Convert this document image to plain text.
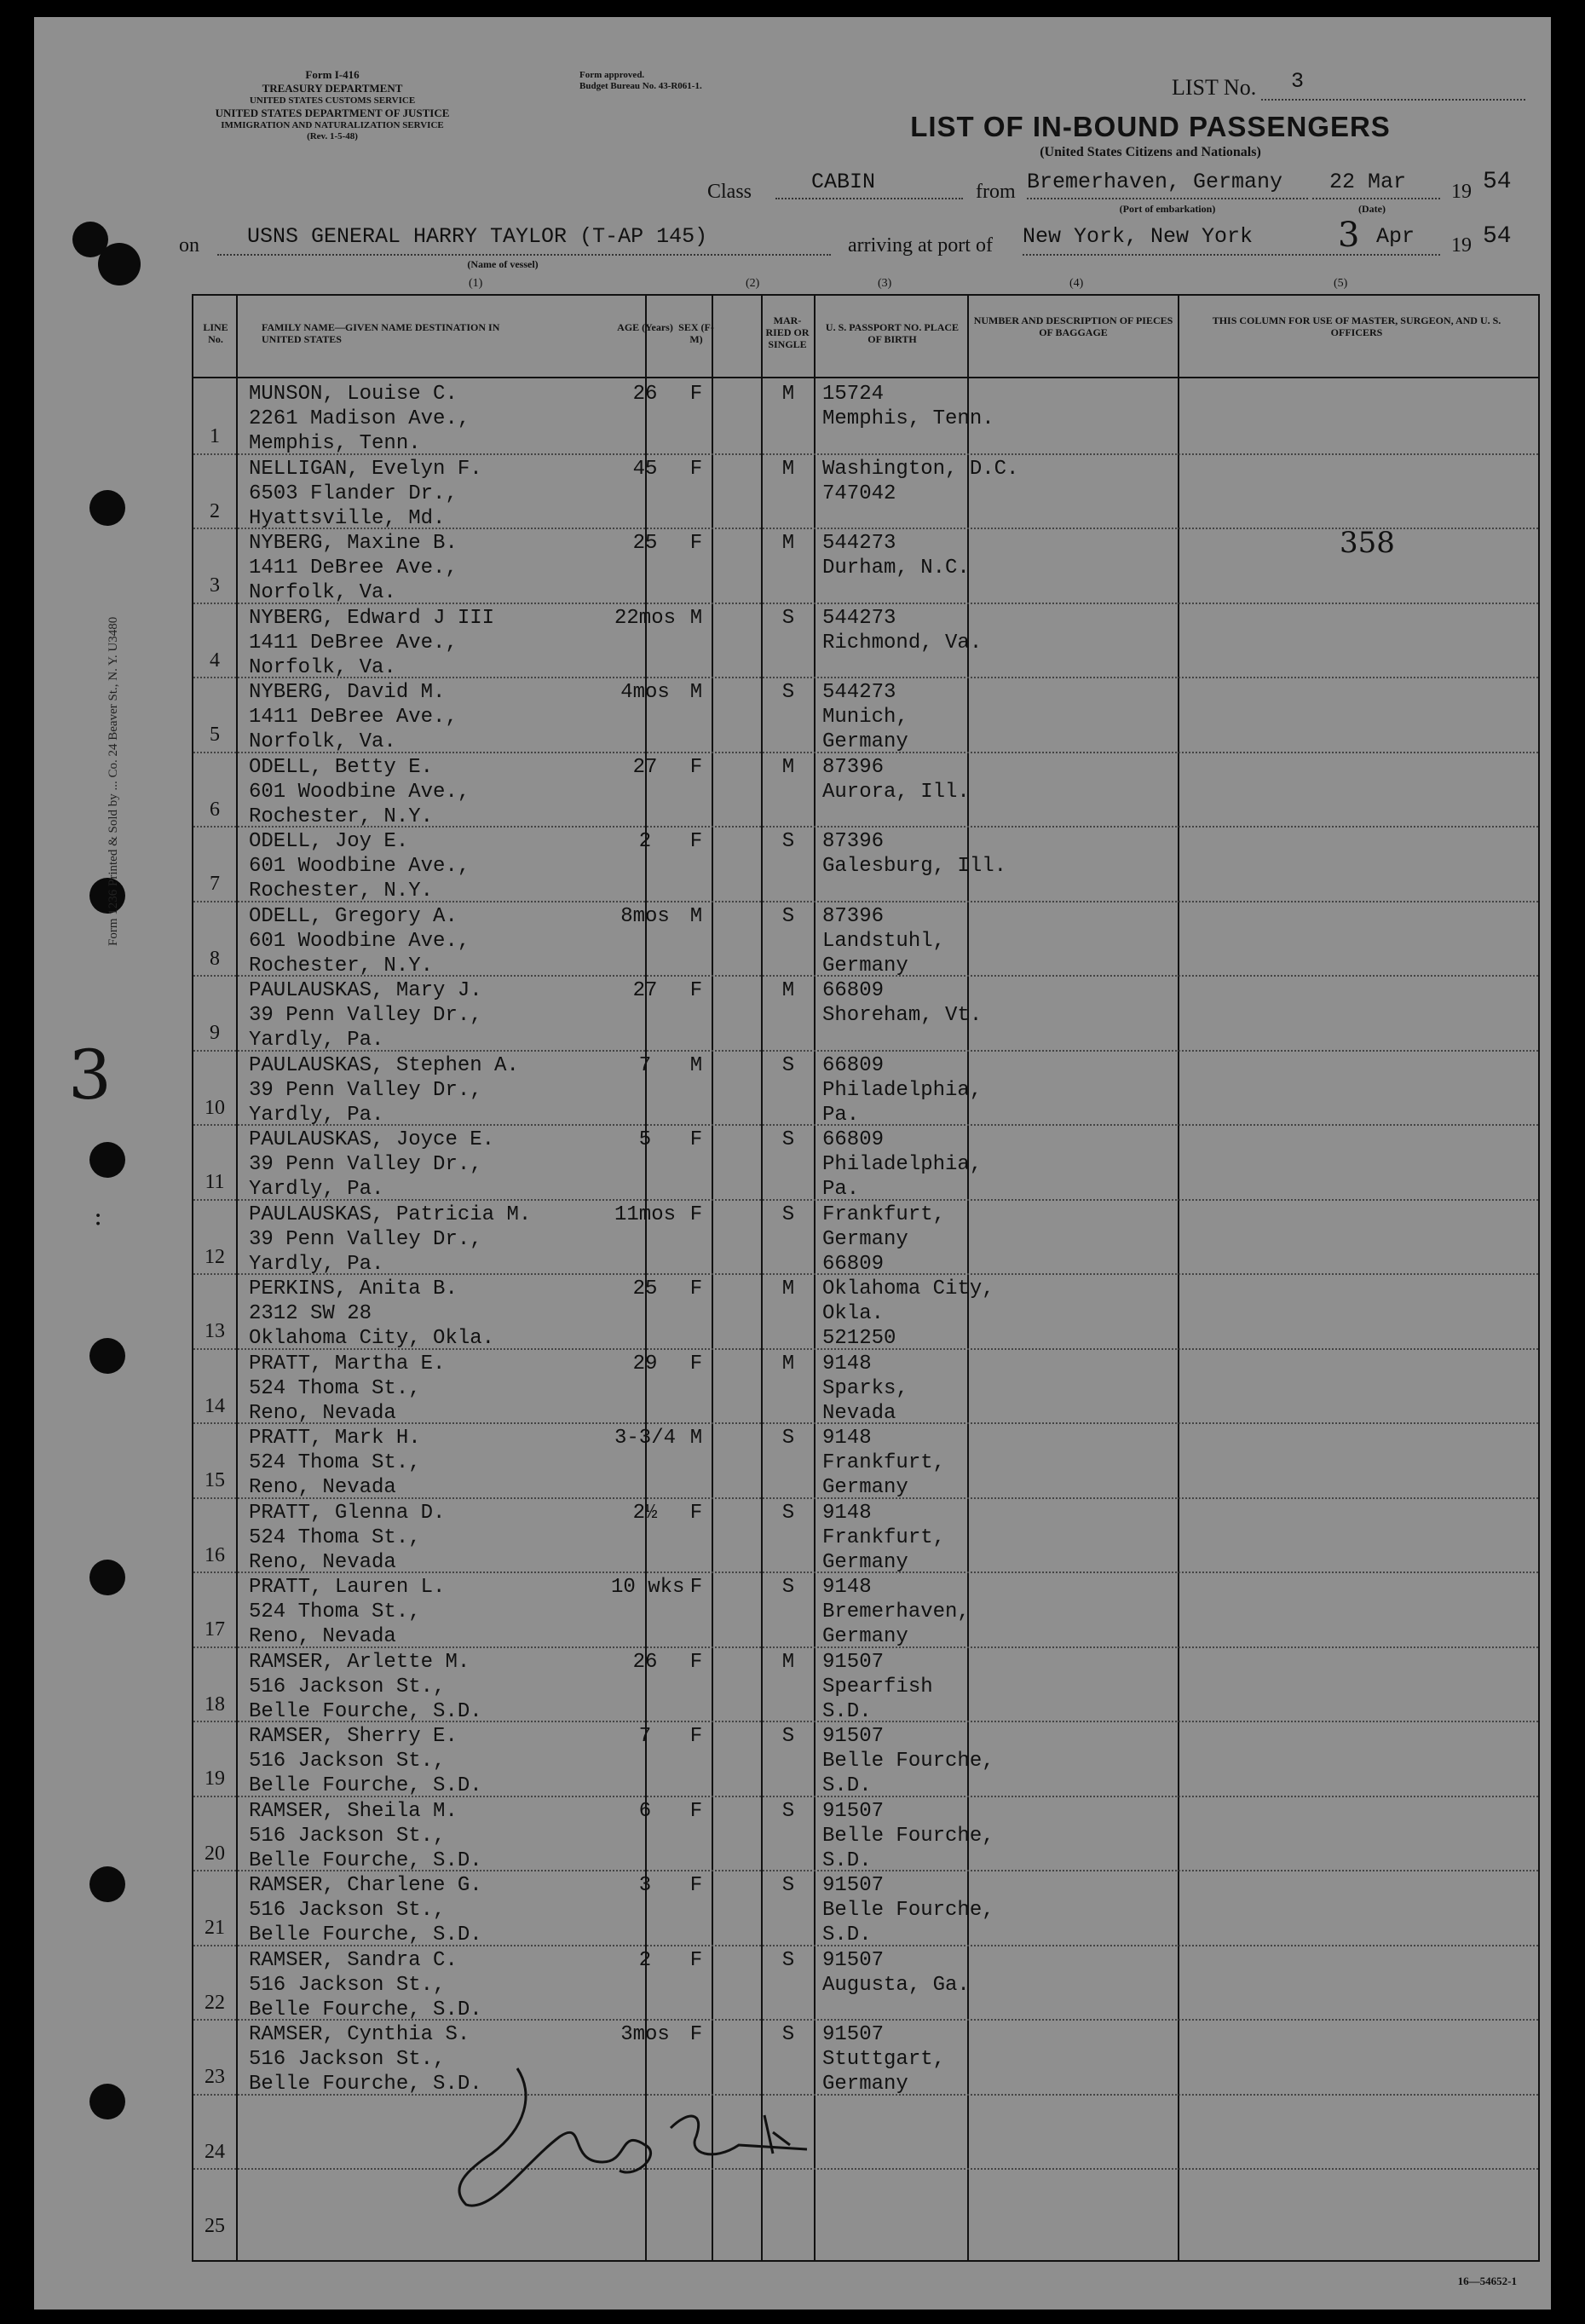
Form 1236 Printed & Sold by ... Co. 24 Beaver St., N. Y. U3480
3
:
Form I-416
TREASURY DEPARTMENT
UNITED STATES CUSTOMS SERVICE
UNITED STATES DEPARTMENT OF JUSTICE
IMMIGRATION AND NATURALIZATION SERVICE
(Rev. 1-5-48)
Form approved.
Budget Bureau No. 43-R061-1.	LIST No. 3
LIST OF IN-BOUND PASSENGERS
(United States Citizens and Nationals)
Class	CABIN	from Bremerhaven, Germany
(Port of embarkation)
22 Mar
(Date)
19 54
on USNS GENERAL HARRY TAYLOR (T-AP 145)
(Name of vessel)
arriving at port of New York, New York 3 Apr 19 54
(1)	(2)	(3)	(4)	(5)
LINE No.
FAMILY NAME—GIVEN NAME DESTINATION IN UNITED STATES
AGE (Years) SEX (F-M)
MAR-RIED OR SINGLE
U. S. PASSPORT NO. PLACE OF BIRTH
NUMBER AND DESCRIPTION OF PIECES OF BAGGAGE
THIS COLUMN FOR USE OF MASTER, SURGEON, AND U. S. OFFICERS
1
MUNSON, Louise C.
2261 Madison Ave.,
Memphis, Tenn.
26	F	M	15724
Memphis, Tenn.
2
NELLIGAN, Evelyn F.
6503 Flander Dr.,
Hyattsville, Md.
45	F	M	Washington, D.C.
747042
3
NYBERG, Maxine B.
1411 DeBree Ave.,
Norfolk, Va.
25	F	M	544273
Durham, N.C.
4
NYBERG, Edward J III
1411 DeBree Ave.,
Norfolk, Va.
22mos M	S	544273
Richmond, Va.
5
NYBERG, David M.
1411 DeBree Ave.,
Norfolk, Va.
4mos	M	S	544273
Munich,
Germany
6
ODELL, Betty E.
601 Woodbine Ave.,
Rochester, N.Y.
27	F	M	87396
Aurora, Ill.
7
ODELL, Joy E.
601 Woodbine Ave.,
Rochester, N.Y.
2	F	S	87396
Galesburg, Ill.
8
ODELL, Gregory A.
601 Woodbine Ave.,
Rochester, N.Y.
8mos	M	S	87396
Landstuhl,
Germany
9
PAULAUSKAS, Mary J.
39 Penn Valley Dr.,
Yardly, Pa.
27	F	M	66809
Shoreham, Vt.
10
PAULAUSKAS, Stephen A.
39 Penn Valley Dr.,
Yardly, Pa.
7	M	S	66809
Philadelphia,
Pa.
11
PAULAUSKAS, Joyce E.
39 Penn Valley Dr.,
Yardly, Pa.
5	F	S	66809
Philadelphia,
Pa.
12
PAULAUSKAS, Patricia M.
39 Penn Valley Dr.,
Yardly, Pa.
11mos F	S	Frankfurt,
Germany
66809
13
PERKINS, Anita B.
2312 SW 28
Oklahoma City, Okla.
25	F	M	Oklahoma City,
Okla.
521250
14
PRATT, Martha E.
524 Thoma St.,
Reno, Nevada
29	F	M	9148
Sparks,
Nevada
15
PRATT, Mark H.
524 Thoma St.,
Reno, Nevada
3-3/4 M	S	9148
Frankfurt,
Germany
16
PRATT, Glenna D.
524 Thoma St.,
Reno, Nevada
2½	F	S	9148
Frankfurt,
Germany
17
PRATT, Lauren L.
524 Thoma St.,
Reno, Nevada
10 wks F	S	9148
Bremerhaven,
Germany
18
RAMSER, Arlette M.
516 Jackson St.,
Belle Fourche, S.D.
26	F	M	91507
Spearfish
S.D.
19
RAMSER, Sherry E.
516 Jackson St.,
Belle Fourche, S.D.
7	F	S	91507
Belle Fourche,
S.D.
20
RAMSER, Sheila M.
516 Jackson St.,
Belle Fourche, S.D.
6	F	S	91507
Belle Fourche,
S.D.
21
RAMSER, Charlene G.
516 Jackson St.,
Belle Fourche, S.D.
3	F	S	91507
Belle Fourche,
S.D.
22
RAMSER, Sandra C.
516 Jackson St.,
Belle Fourche, S.D.
2	F	S	91507
Augusta, Ga.
23
RAMSER, Cynthia S.
516 Jackson St.,
Belle Fourche, S.D.
3mos	F	S	91507
Stuttgart,
Germany
24
25
358
16—54652-1
